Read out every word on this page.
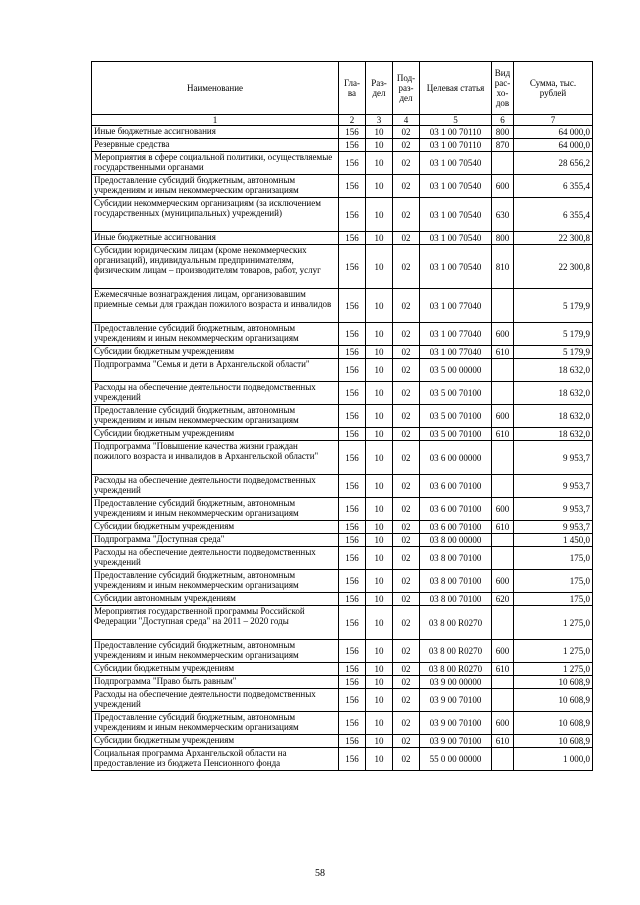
Наименование	Гла-ва	Раз-дел	Под-раз-дел	Целевая статья	Вид рас-хо-дов	Сумма, тыс. рублей
1	2	3	4	5	6	7
Иные бюджетные ассигнования	156	10	02	03 1 00 70110	800	64 000,0
Резервные средства	156	10	02	03 1 00 70110	870	64 000,0
Мероприятия в сфере социальной политики, осуществляемые государственными органами	156	10	02	03 1 00 70540		28 656,2
Предоставление субсидий бюджетным, автономным учреждениям и иным некоммерческим организациям	156	10	02	03 1 00 70540	600	6 355,4
Субсидии некоммерческим организациям (за исключением государственных (муниципальных) учреждений)	156	10	02	03 1 00 70540	630	6 355,4
Иные бюджетные ассигнования	156	10	02	03 1 00 70540	800	22 300,8
Субсидии юридическим лицам (кроме некоммерческих организаций), индивидуальным предпринимателям, физическим лицам – производителям товаров, работ, услуг	156	10	02	03 1 00 70540	810	22 300,8
Ежемесячные вознаграждения лицам, организовавшим приемные семьи для граждан пожилого возраста и инвалидов	156	10	02	03 1 00 77040		5 179,9
Предоставление субсидий бюджетным, автономным учреждениям и иным некоммерческим организациям	156	10	02	03 1 00 77040	600	5 179,9
Субсидии бюджетным учреждениям	156	10	02	03 1 00 77040	610	5 179,9
Подпрограмма "Семья и дети в Архангельской области"	156	10	02	03 5 00 00000		18 632,0
Расходы на обеспечение деятельности подведомственных учреждений	156	10	02	03 5 00 70100		18 632,0
Предоставление субсидий бюджетным, автономным учреждениям и иным некоммерческим организациям	156	10	02	03 5 00 70100	600	18 632,0
Субсидии бюджетным учреждениям	156	10	02	03 5 00 70100	610	18 632,0
Подпрограмма "Повышение качества жизни граждан пожилого возраста и инвалидов в Архангельской области"	156	10	02	03 6 00 00000		9 953,7
Расходы на обеспечение деятельности подведомственных учреждений	156	10	02	03 6 00 70100		9 953,7
Предоставление субсидий бюджетным, автономным учреждениям и иным некоммерческим организациям	156	10	02	03 6 00 70100	600	9 953,7
Субсидии бюджетным учреждениям	156	10	02	03 6 00 70100	610	9 953,7
Подпрограмма "Доступная среда"	156	10	02	03 8 00 00000		1 450,0
Расходы на обеспечение деятельности подведомственных учреждений	156	10	02	03 8 00 70100		175,0
Предоставление субсидий бюджетным, автономным учреждениям и иным некоммерческим организациям	156	10	02	03 8 00 70100	600	175,0
Субсидии автономным учреждениям	156	10	02	03 8 00 70100	620	175,0
Мероприятия государственной программы Российской Федерации "Доступная среда" на 2011 – 2020 годы	156	10	02	03 8 00 R0270		1 275,0
Предоставление субсидий бюджетным, автономным учреждениям и иным некоммерческим организациям	156	10	02	03 8 00 R0270	600	1 275,0
Субсидии бюджетным учреждениям	156	10	02	03 8 00 R0270	610	1 275,0
Подпрограмма "Право быть равным"	156	10	02	03 9 00 00000		10 608,9
Расходы на обеспечение деятельности подведомственных учреждений	156	10	02	03 9 00 70100		10 608,9
Предоставление субсидий бюджетным, автономным учреждениям и иным некоммерческим организациям	156	10	02	03 9 00 70100	600	10 608,9
Субсидии бюджетным учреждениям	156	10	02	03 9 00 70100	610	10 608,9
Социальная программа Архангельской области на предоставление из бюджета Пенсионного фонда	156	10	02	55 0 00 00000		1 000,0
58
